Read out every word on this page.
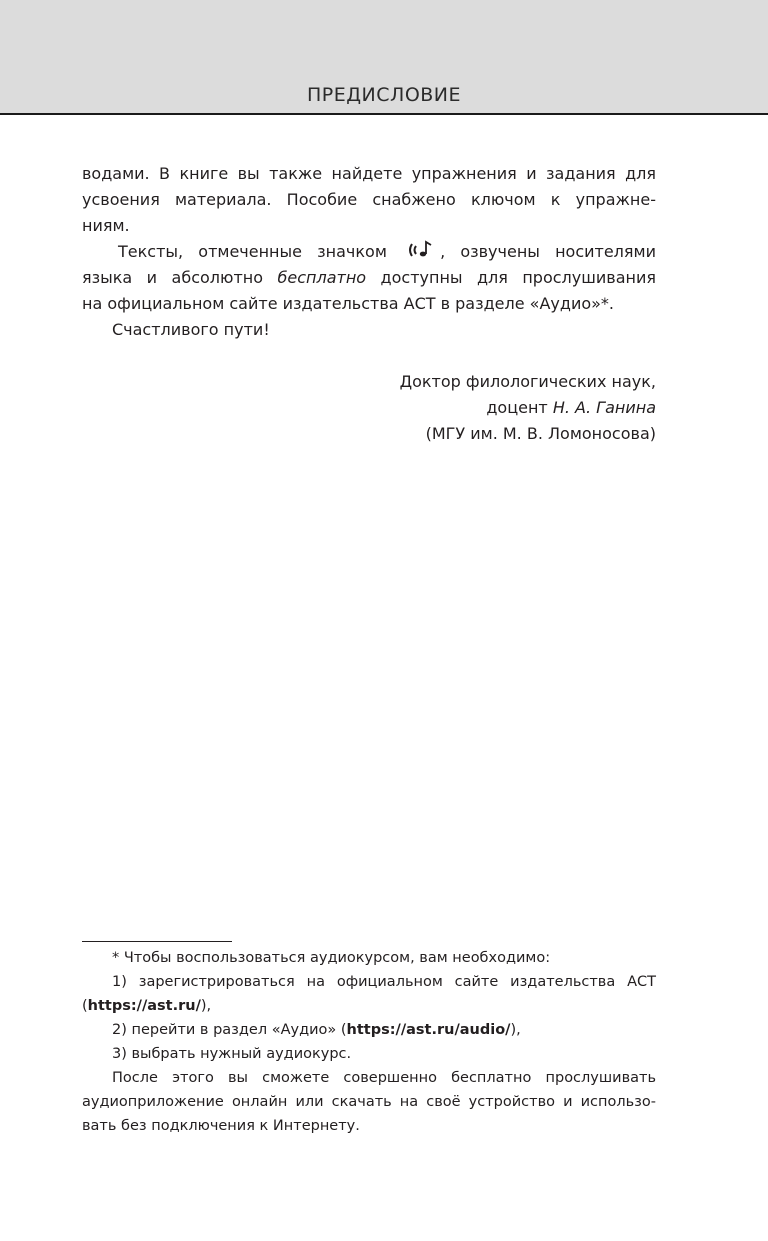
ПРЕДИСЛОВИЕ
водами. В книге вы также найдете упражнения и задания для
усвоения материала. Пособие снабжено ключом к упражне-
ниям.
Тексты, отмеченные значком	, озвучены носителями
языка и абсолютно бесплатно доступны для прослушивания
на официальном сайте издательства АСТ в разделе «Аудио»*.
Счастливого пути!
Доктор филологических наук,
доцент Н. А. Ганина
(МГУ им. М. В. Ломоносова)
* Чтобы воспользоваться аудиокурсом, вам необходимо:
1) зарегистрироваться на официальном сайте издательства АСТ
(https://ast.ru/),
2) перейти в раздел «Аудио» (https://ast.ru/audio/),
3) выбрать нужный аудиокурс.
После этого вы сможете совершенно бесплатно прослушивать
аудиоприложение онлайн или скачать на своё устройство и использо-
вать без подключения к Интернету.
